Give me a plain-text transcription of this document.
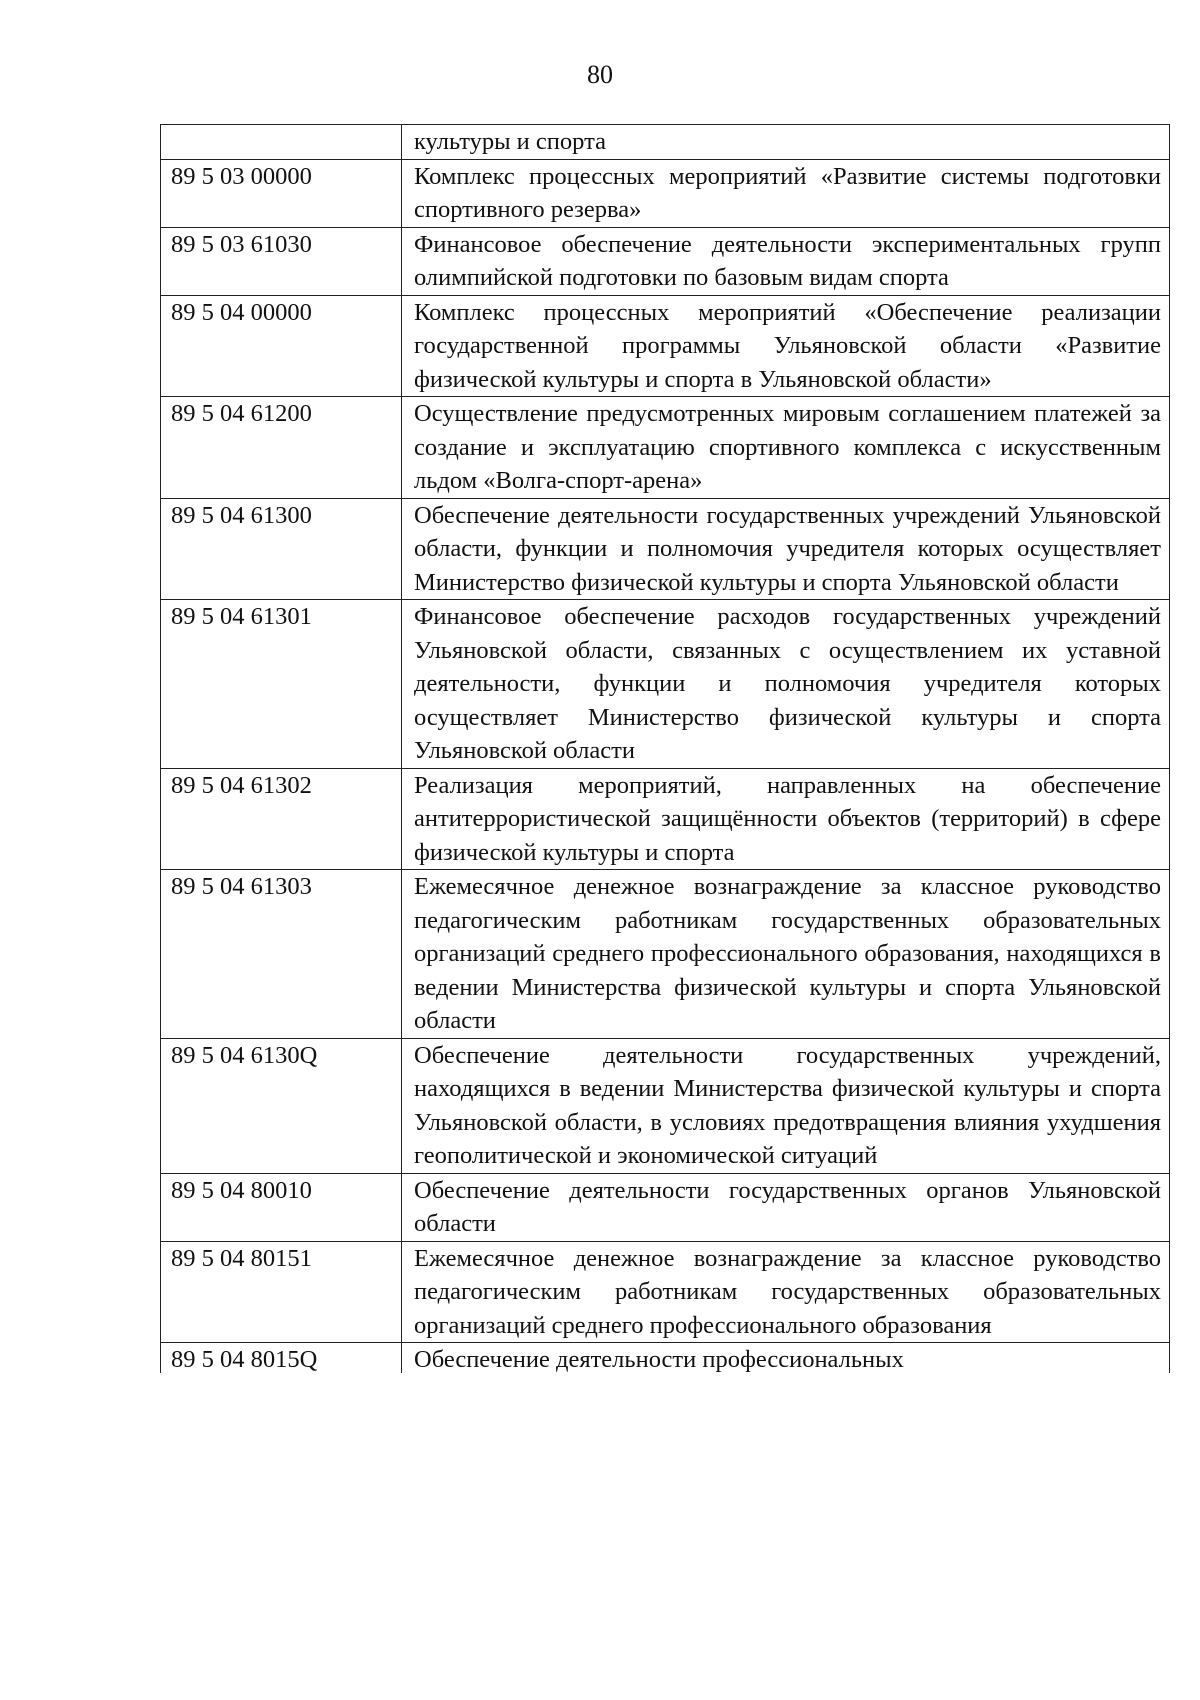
80
	культуры и спорта
89 5 03 00000	Комплекс процессных мероприятий «Развитие системы подготовки спортивного резерва»
89 5 03 61030	Финансовое обеспечение деятельности экспериментальных групп олимпийской подготовки по базовым видам спорта
89 5 04 00000	Комплекс процессных мероприятий «Обеспечение реализации государственной программы Ульяновской области «Развитие физической культуры и спорта в Ульяновской области»
89 5 04 61200	Осуществление предусмотренных мировым соглашением платежей за создание и эксплуатацию спортивного комплекса с искусственным льдом «Волга-спорт-арена»
89 5 04 61300	Обеспечение деятельности государственных учреждений Ульяновской области, функции и полномочия учредителя которых осуществляет Министерство физической культуры и спорта Ульяновской области
89 5 04 61301	Финансовое обеспечение расходов государственных учреждений Ульяновской области, связанных с осуществлением их уставной деятельности, функции и полномочия учредителя которых осуществляет Министерство физической культуры и спорта Ульяновской области
89 5 04 61302	Реализация мероприятий, направленных на обеспечение антитеррористической защищённости объектов (территорий) в сфере физической культуры и спорта
89 5 04 61303	Ежемесячное денежное вознаграждение за классное руководство педагогическим работникам государственных образовательных организаций среднего профессионального образования, находящихся в ведении Министерства физической культуры и спорта Ульяновской области
89 5 04 6130Q	Обеспечение деятельности государственных учреждений, находящихся в ведении Министерства физической культуры и спорта Ульяновской области, в условиях предотвращения влияния ухудшения геополитической и экономической ситуаций
89 5 04 80010	Обеспечение деятельности государственных органов Ульяновской области
89 5 04 80151	Ежемесячное денежное вознаграждение за классное руководство педагогическим работникам государственных образовательных организаций среднего профессионального образования

89 5 04 8015Q	Обеспечение деятельности профессиональных
